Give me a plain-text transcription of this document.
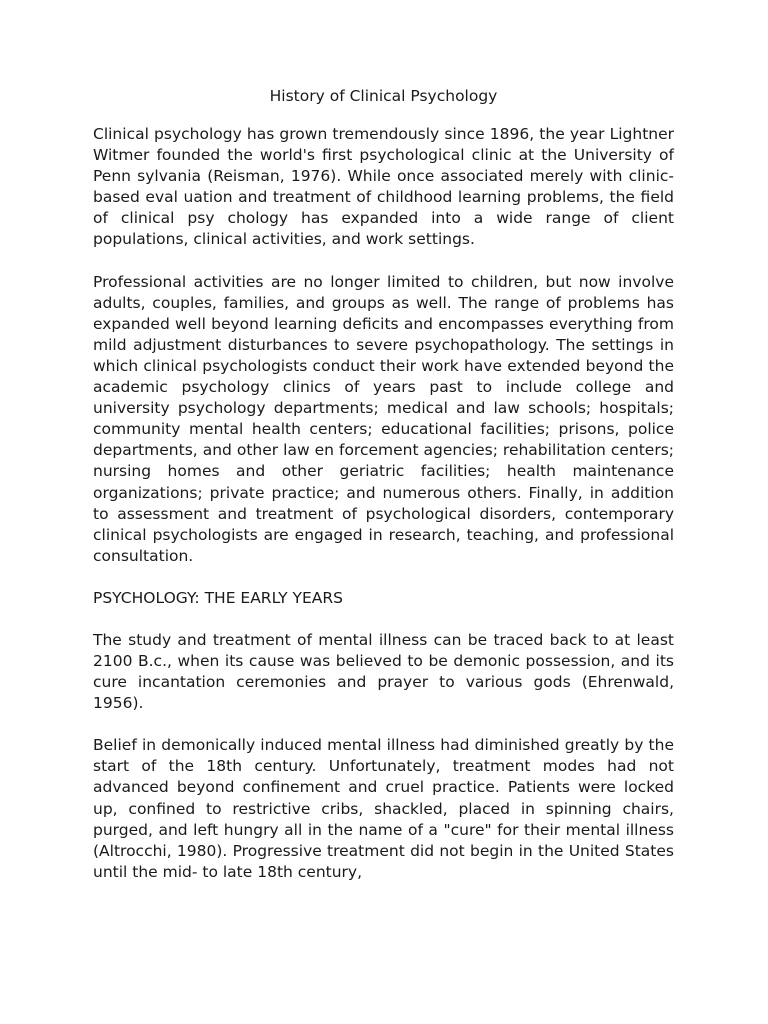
History of Clinical Psychology

Clinical psychology has grown tremendously since 1896, the year Lightner Witmer founded the world's first psychological clinic at the University of Penn sylvania (Reisman, 1976). While once associated merely with clinic-based eval uation and treatment of childhood learning problems, the field of clinical psy chology has expanded into a wide range of client populations, clinical activities, and work settings.

Professional activities are no longer limited to children, but now involve adults, couples, families, and groups as well. The range of problems has expanded well beyond learning deficits and encompasses everything from mild adjustment disturbances to severe psychopathology. The settings in which clinical psychologists conduct their work have extended beyond the academic psychology clinics of years past to include college and university psychology departments; medical and law schools; hospitals; community mental health centers; educational facilities; prisons, police departments, and other law en forcement agencies; rehabilitation centers; nursing homes and other geriatric facilities; health maintenance organizations; private practice; and numerous others. Finally, in addition to assessment and treatment of psychological disorders, contemporary clinical psychologists are engaged in research, teaching, and professional consultation.

PSYCHOLOGY: THE EARLY YEARS

The study and treatment of mental illness can be traced back to at least 2100 B.c., when its cause was believed to be demonic possession, and its cure incantation ceremonies and prayer to various gods (Ehrenwald, 1956).

Belief in demonically induced mental illness had diminished greatly by the start of the 18th century. Unfortunately, treatment modes had not advanced beyond confinement and cruel practice. Patients were locked up, confined to restrictive cribs, shackled, placed in spinning chairs, purged, and left hungry all in the name of a "cure" for their mental illness (Altrocchi, 1980). Progressive treatment did not begin in the United States until the mid- to late 18th century,
